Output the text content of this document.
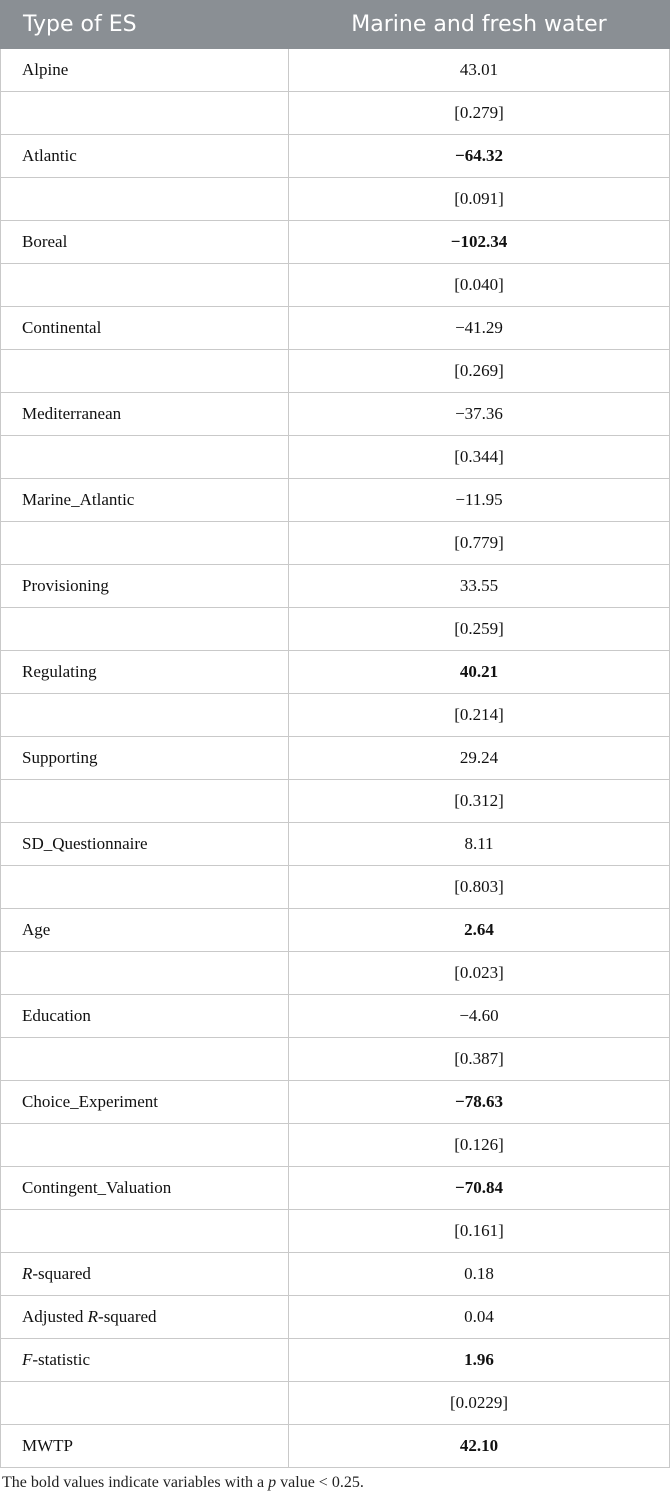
Type of ES	Marine and fresh water
Alpine	43.01
	[0.279]
Atlantic	−64.32
	[0.091]
Boreal	−102.34
	[0.040]
Continental	−41.29
	[0.269]
Mediterranean	−37.36
	[0.344]
Marine_Atlantic	−11.95
	[0.779]
Provisioning	33.55
	[0.259]
Regulating	40.21
	[0.214]
Supporting	29.24
	[0.312]
SD_Questionnaire	8.11
	[0.803]
Age	2.64
	[0.023]
Education	−4.60
	[0.387]
Choice_Experiment	−78.63
	[0.126]
Contingent_Valuation	−70.84
	[0.161]
R-squared	0.18
Adjusted R-squared	0.04
F-statistic	1.96
	[0.0229]
MWTP	42.10
The bold values indicate variables with a p value < 0.25.
